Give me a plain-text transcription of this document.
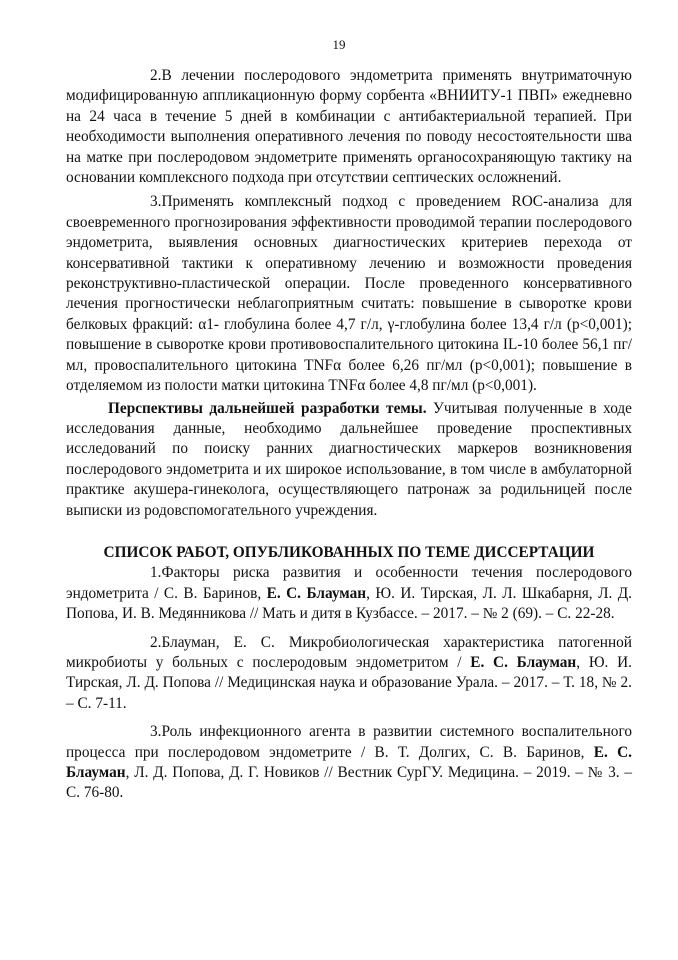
19

2.В лечении послеродового эндометрита применять внутриматочную модифицированную аппликационную форму сорбента «ВНИИТУ-1 ПВП» ежедневно на 24 часа в течение 5 дней в комбинации с антибактериальной терапией. При необходимости выполнения оперативного лечения по поводу несостоятельности шва на матке при послеродовом эндометрите применять органосохраняющую тактику на основании комплексного подхода при отсутствии септических осложнений.

3.Применять комплексный подход с проведением ROC-анализа для своевременного прогнозирования эффективности проводимой терапии послеродового эндометрита, выявления основных диагностических критериев перехода от консервативной тактики к оперативному лечению и возможности проведения реконструктивно-пластической операции. После проведенного консервативного лечения прогностически неблагоприятным считать: повышение в сыворотке крови белковых фракций: α1- глобулина более 4,7 г/л, γ-глобулина более 13,4 г/л (p<0,001); повышение в сыворотке крови противовоспалительного цитокина IL-10 более 56,1 пг/мл, провоспалительного цитокина TNFα более 6,26 пг/мл (p<0,001); повышение в отделяемом из полости матки цитокина TNFα более 4,8 пг/мл (p<0,001).

Перспективы дальнейшей разработки темы. Учитывая полученные в ходе исследования данные, необходимо дальнейшее проведение проспективных исследований по поиску ранних диагностических маркеров возникновения послеродового эндометрита и их широкое использование, в том числе в амбулаторной практике акушера-гинеколога, осуществляющего патронаж за родильницей после выписки из родовспомогательного учреждения.

СПИСОК РАБОТ, ОПУБЛИКОВАННЫХ ПО ТЕМЕ ДИССЕРТАЦИИ

1.Факторы риска развития и особенности течения послеродового эндометрита / С. В. Баринов, Е. С. Блауман, Ю. И. Тирская, Л. Л. Шкабарня, Л. Д. Попова, И. В. Медянникова // Мать и дитя в Кузбассе. – 2017. – № 2 (69). – С. 22-28.

2.Блауман, Е. С. Микробиологическая характеристика патогенной микробиоты у больных с послеродовым эндометритом / Е. С. Блауман, Ю. И. Тирская, Л. Д. Попова // Медицинская наука и образование Урала. – 2017. – Т. 18, № 2. – С. 7-11.

3.Роль инфекционного агента в развитии системного воспалительного процесса при послеродовом эндометрите / В. Т. Долгих, С. В. Баринов, Е. С. Блауман, Л. Д. Попова, Д. Г. Новиков // Вестник СурГУ. Медицина. – 2019. – № 3. – С. 76-80.
